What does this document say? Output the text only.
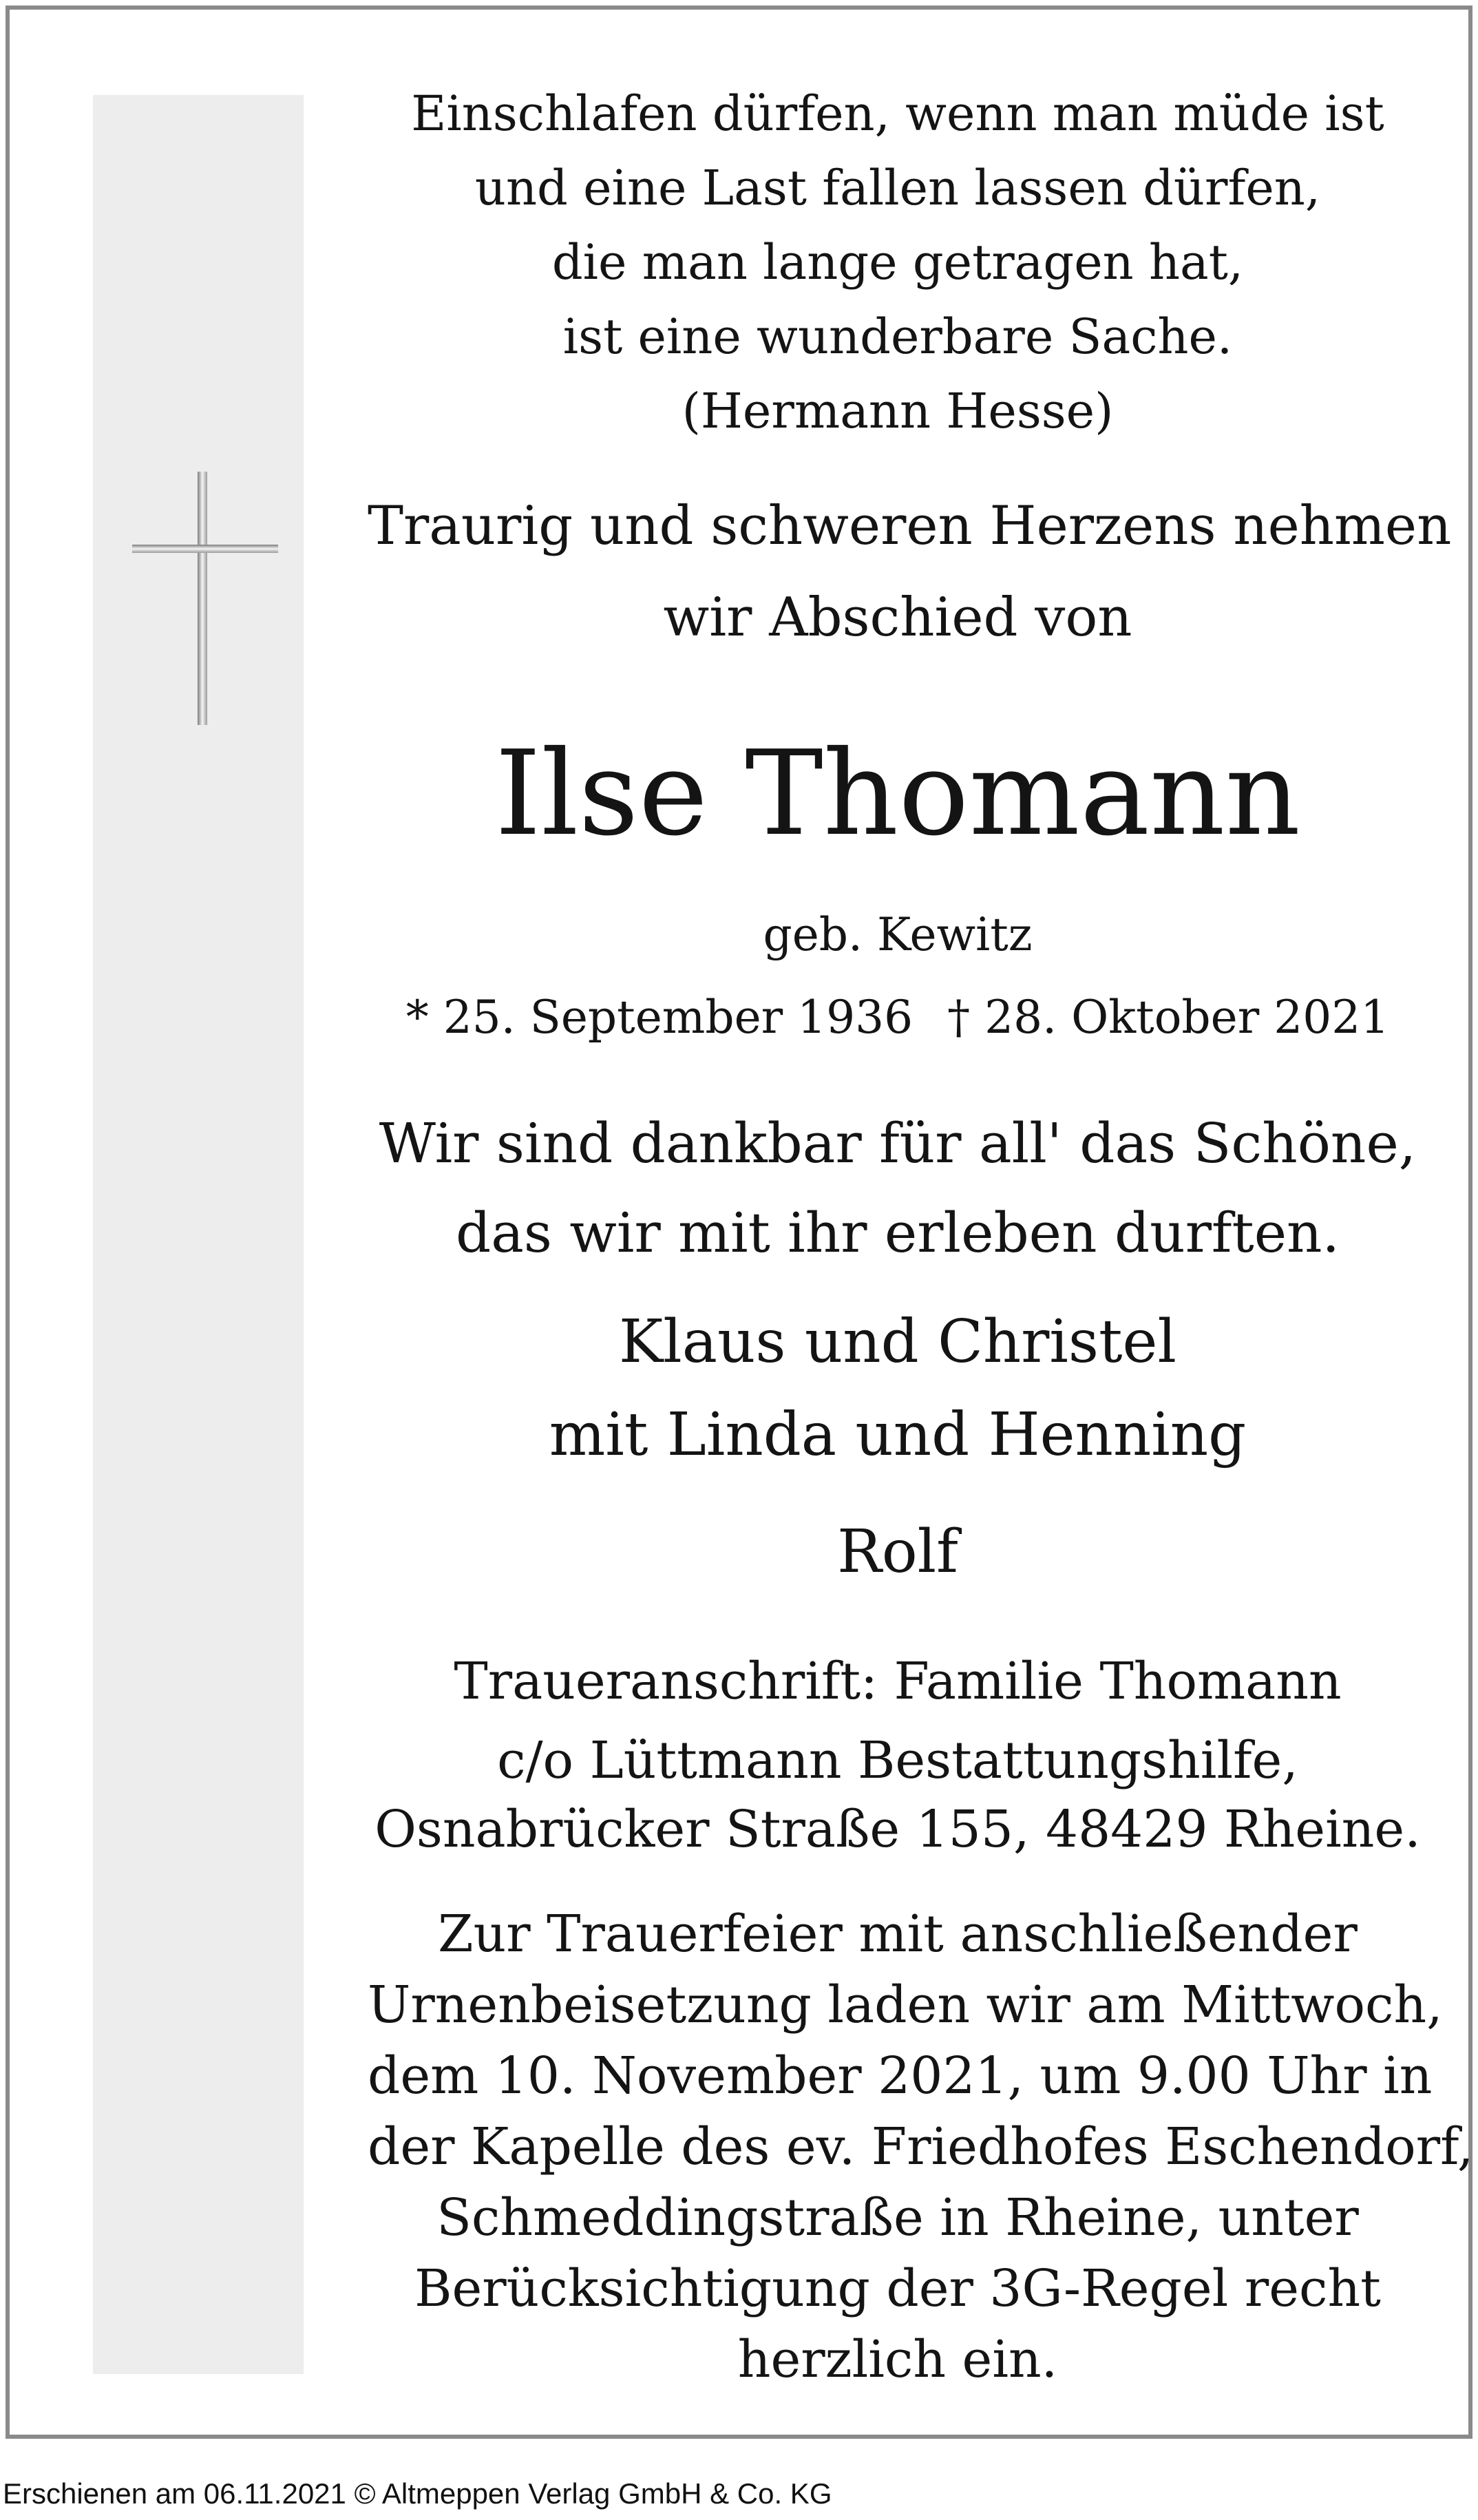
Einschlafen dürfen, wenn man müde ist
und eine Last fallen lassen dürfen,
die man lange getragen hat,
ist eine wunderbare Sache.
(Hermann Hesse)
Traurig und schweren Herzens nehmen
wir Abschied von
Ilse Thomann
geb. Kewitz
* 25. September 1936 † 28. Oktober 2021
Wir sind dankbar für all' das Schöne,
das wir mit ihr erleben durften.
Klaus und Christel
mit Linda und Henning
Rolf
Traueranschrift: Familie Thomann
c/o Lüttmann Bestattungshilfe,
Osnabrücker Straße 155, 48429 Rheine.
Zur Trauerfeier mit anschließender
Urnenbeisetzung laden wir am Mittwoch,
dem 10. November 2021, um 9.00 Uhr in
der Kapelle des ev. Friedhofes Eschendorf,
Schmeddingstraße in Rheine, unter
Berücksichtigung der 3G-Regel recht
herzlich ein.
Erschienen am 06.11.2021 © Altmeppen Verlag GmbH & Co. KG
